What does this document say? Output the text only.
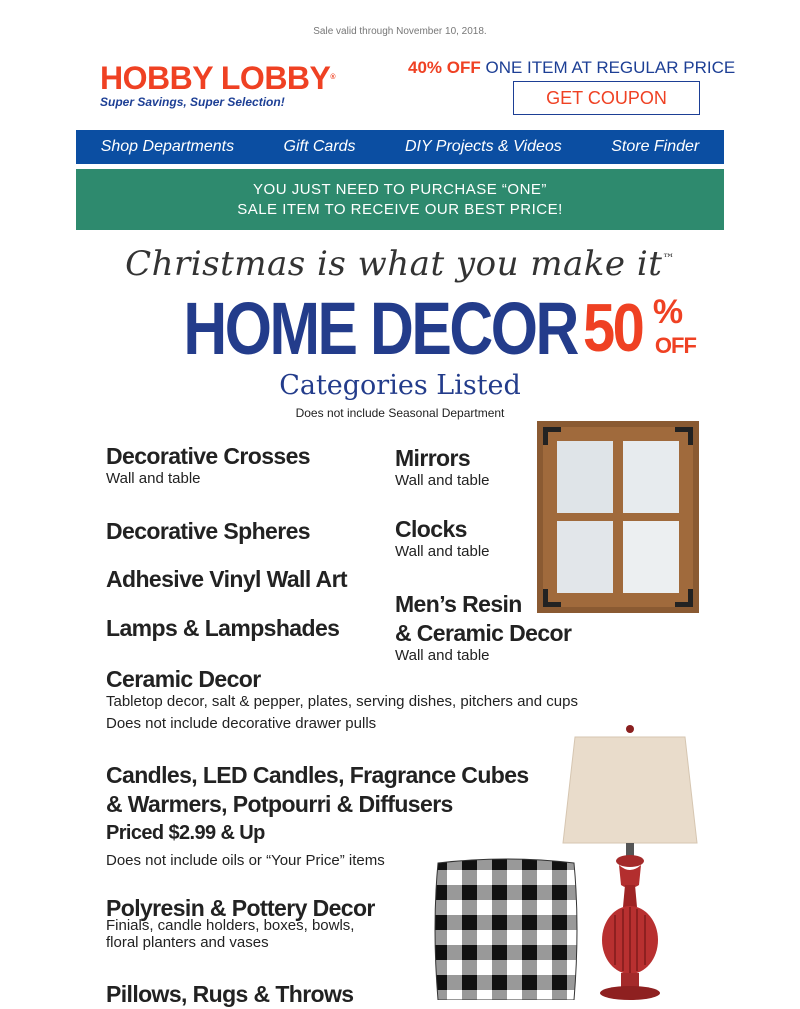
Sale valid through November 10, 2018.
HOBBY LOBBY®
Super Savings, Super Selection!
40% OFF ONE ITEM AT REGULAR PRICE
GET COUPON
Shop Departments	Gift Cards	DIY Projects & Videos	Store Finder
YOU JUST NEED TO PURCHASE “ONE”
SALE ITEM TO RECEIVE OUR BEST PRICE!
Christmas is what you make it™
HOME DECOR 50 %
OFF
Categories Listed
Does not include Seasonal Department
Decorative Crosses
Wall and table
Decorative Spheres
Adhesive Vinyl Wall Art
Lamps & Lampshades
Mirrors
Wall and table
Clocks
Wall and table
Men’s Resin
& Ceramic Decor
Wall and table
Ceramic Decor
Tabletop decor, salt & pepper, plates, serving dishes, pitchers and cups
Does not include decorative drawer pulls
Candles, LED Candles, Fragrance Cubes
& Warmers, Potpourri & Diffusers
Priced $2.99 & Up
Does not include oils or “Your Price” items
Polyresin & Pottery Decor
Finials, candle holders, boxes, bowls,
floral planters and vases
Pillows, Rugs & Throws
